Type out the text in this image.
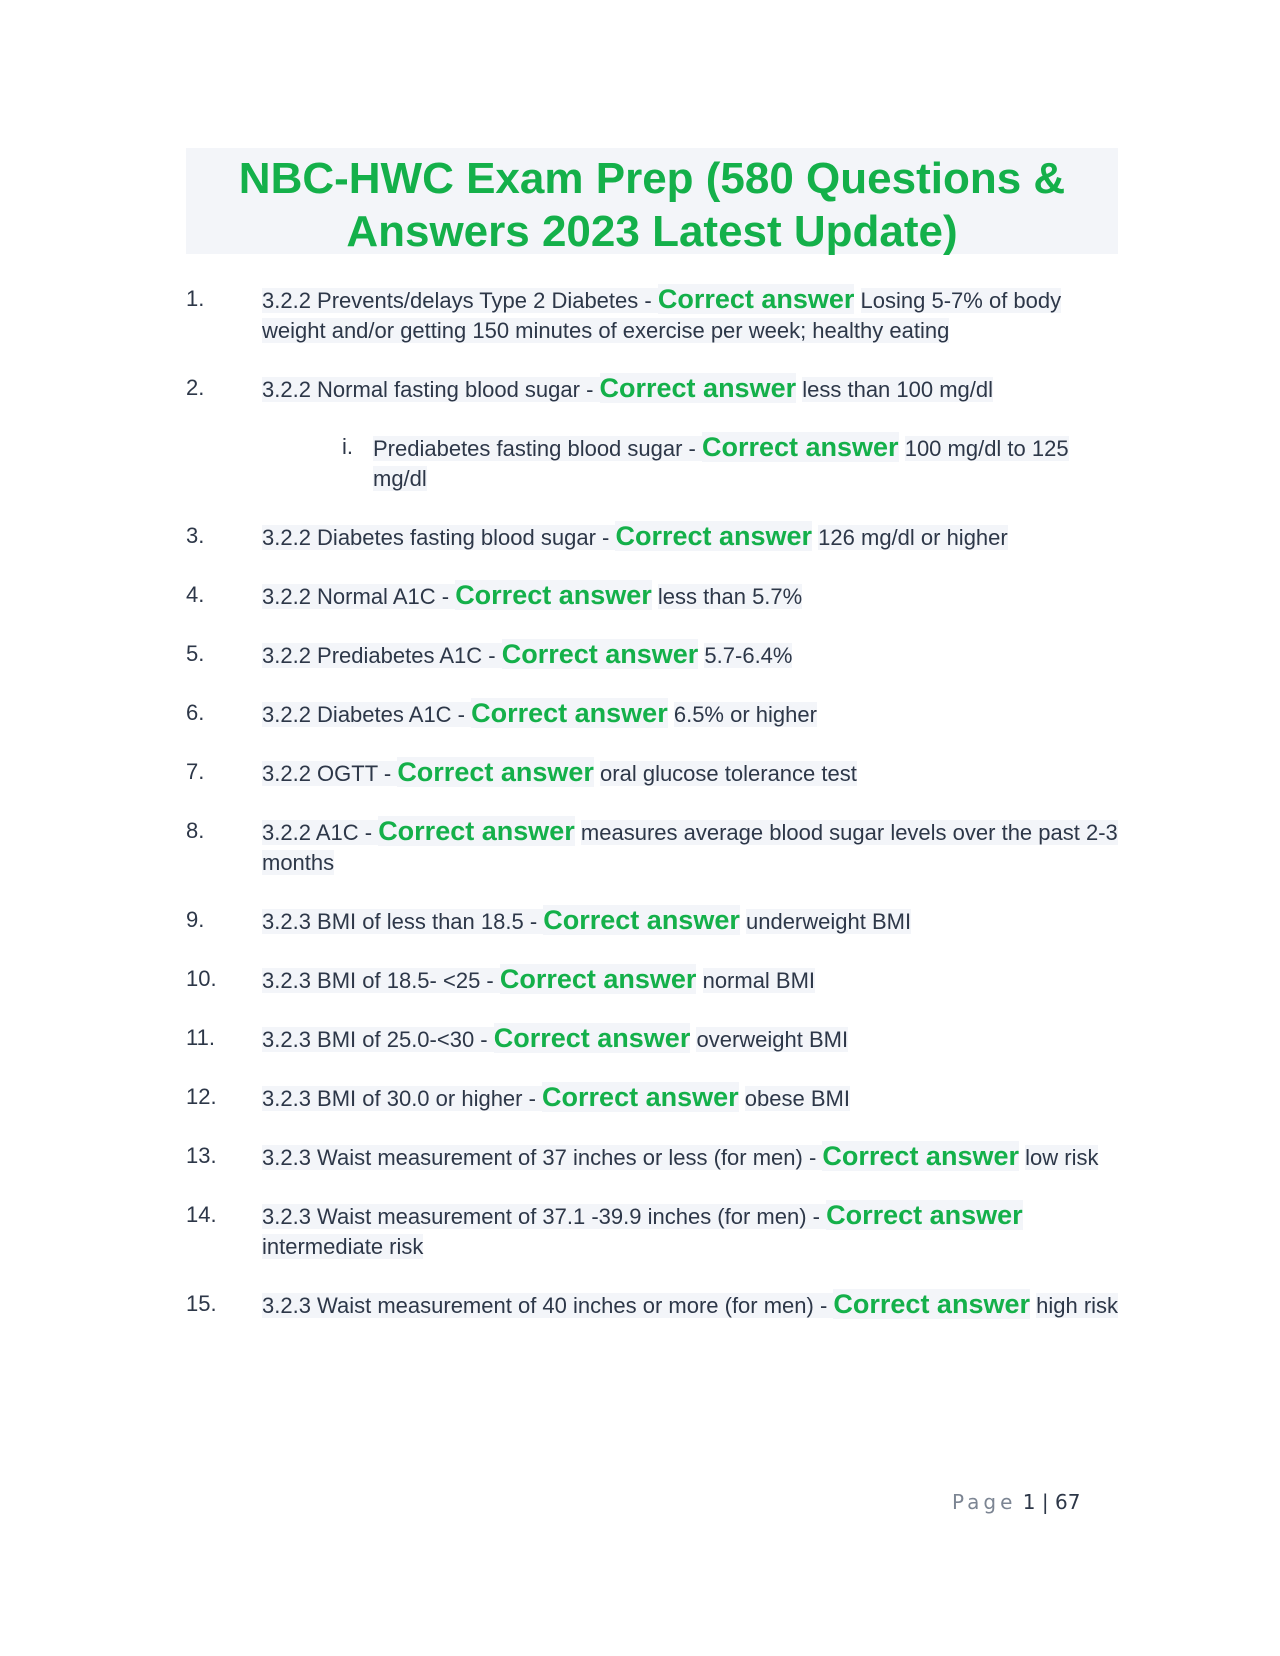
NBC-HWC Exam Prep (580 Questions &
Answers 2023 Latest Update)
1.	3.2.2 Prevents/delays Type 2 Diabetes - Correct answer Losing 5-7% of body weight and/or getting 150 minutes of exercise per week; healthy eating
2.	3.2.2 Normal fasting blood sugar - Correct answer less than 100 mg/dl
i. Prediabetes fasting blood sugar - Correct answer 100 mg/dl to 125 mg/dl
3.	3.2.2 Diabetes fasting blood sugar - Correct answer 126 mg/dl or higher
4.	3.2.2 Normal A1C - Correct answer less than 5.7%
5.	3.2.2 Prediabetes A1C - Correct answer 5.7-6.4%
6.	3.2.2 Diabetes A1C - Correct answer 6.5% or higher
7.	3.2.2 OGTT - Correct answer oral glucose tolerance test
8.	3.2.2 A1C - Correct answer measures average blood sugar levels over the past 2-3 months
9.	3.2.3 BMI of less than 18.5 - Correct answer underweight BMI
10. 3.2.3 BMI of 18.5- <25 - Correct answer normal BMI
11. 3.2.3 BMI of 25.0-<30 - Correct answer overweight BMI
12. 3.2.3 BMI of 30.0 or higher - Correct answer obese BMI
13. 3.2.3 Waist measurement of 37 inches or less (for men) - Correct answer low risk
14. 3.2.3 Waist measurement of 37.1 -39.9 inches (for men) - Correct answer intermediate risk
15. 3.2.3 Waist measurement of 40 inches or more (for men) - Correct answer high risk
Page 1 | 67
